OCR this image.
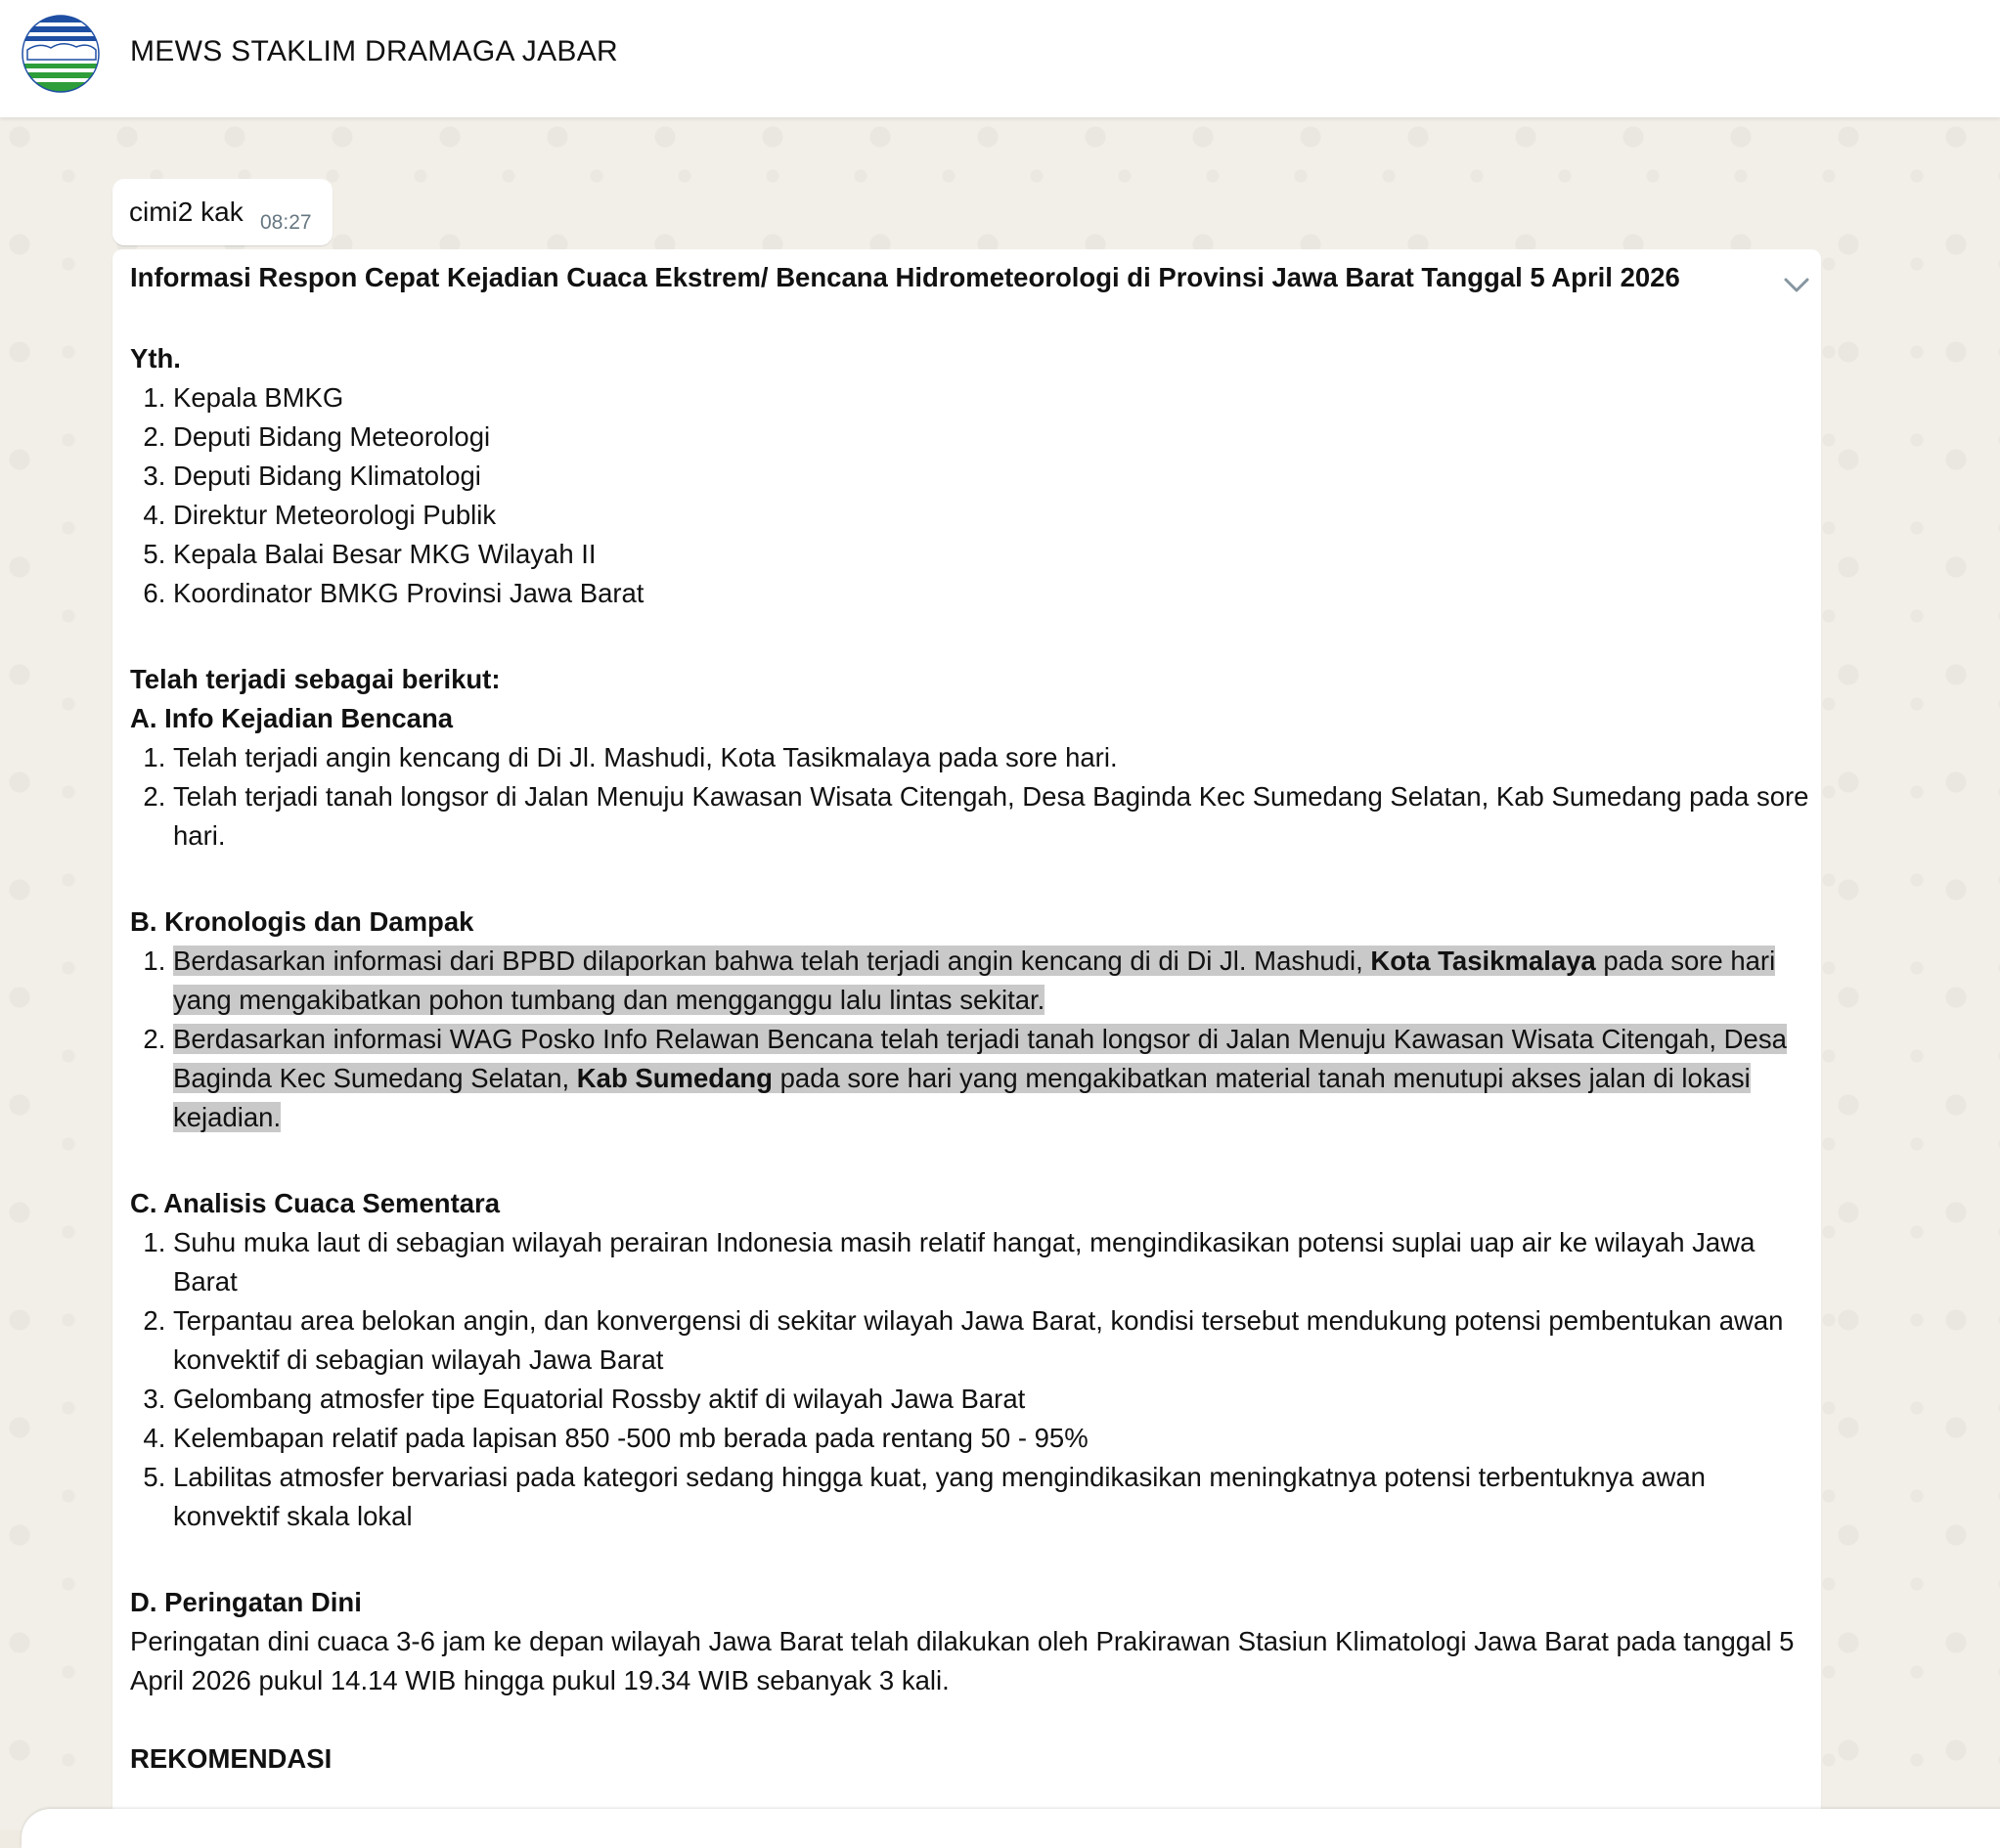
MEWS STAKLIM DRAMAGA JABAR
cimi2 kak 08:27
Informasi Respon Cepat Kejadian Cuaca Ekstrem/ Bencana Hidrometeorologi di Provinsi Jawa Barat Tanggal 5 April 2026
Yth.
1. Kepala BMKG
2. Deputi Bidang Meteorologi
3. Deputi Bidang Klimatologi
4. Direktur Meteorologi Publik
5. Kepala Balai Besar MKG Wilayah II
6. Koordinator BMKG Provinsi Jawa Barat
Telah terjadi sebagai berikut:
A. Info Kejadian Bencana
1. Telah terjadi angin kencang di Di Jl. Mashudi, Kota Tasikmalaya pada sore hari.
2. Telah terjadi tanah longsor di Jalan Menuju Kawasan Wisata Citengah, Desa Baginda Kec Sumedang Selatan, Kab Sumedang pada sore hari.
B. Kronologis dan Dampak
1. Berdasarkan informasi dari BPBD dilaporkan bahwa telah terjadi angin kencang di di Di Jl. Mashudi, Kota Tasikmalaya pada sore hari yang mengakibatkan pohon tumbang dan mengganggu lalu lintas sekitar.
2. Berdasarkan informasi WAG Posko Info Relawan Bencana telah terjadi tanah longsor di Jalan Menuju Kawasan Wisata Citengah, Desa Baginda Kec Sumedang Selatan, Kab Sumedang pada sore hari yang mengakibatkan material tanah menutupi akses jalan di lokasi kejadian.
C. Analisis Cuaca Sementara
1. Suhu muka laut di sebagian wilayah perairan Indonesia masih relatif hangat, mengindikasikan potensi suplai uap air ke wilayah Jawa Barat
2. Terpantau area belokan angin, dan konvergensi di sekitar wilayah Jawa Barat, kondisi tersebut mendukung potensi pembentukan awan konvektif di sebagian wilayah Jawa Barat
3. Gelombang atmosfer tipe Equatorial Rossby aktif di wilayah Jawa Barat
4. Kelembapan relatif pada lapisan 850 -500 mb berada pada rentang 50 - 95%
5. Labilitas atmosfer bervariasi pada kategori sedang hingga kuat, yang mengindikasikan meningkatnya potensi terbentuknya awan konvektif skala lokal
D. Peringatan Dini

Peringatan dini cuaca 3-6 jam ke depan wilayah Jawa Barat telah dilakukan oleh Prakirawan Stasiun Klimatologi Jawa Barat pada tanggal 5 April 2026 pukul 14.14 WIB hingga pukul 19.34 WIB sebanyak 3 kali.

REKOMENDASI
